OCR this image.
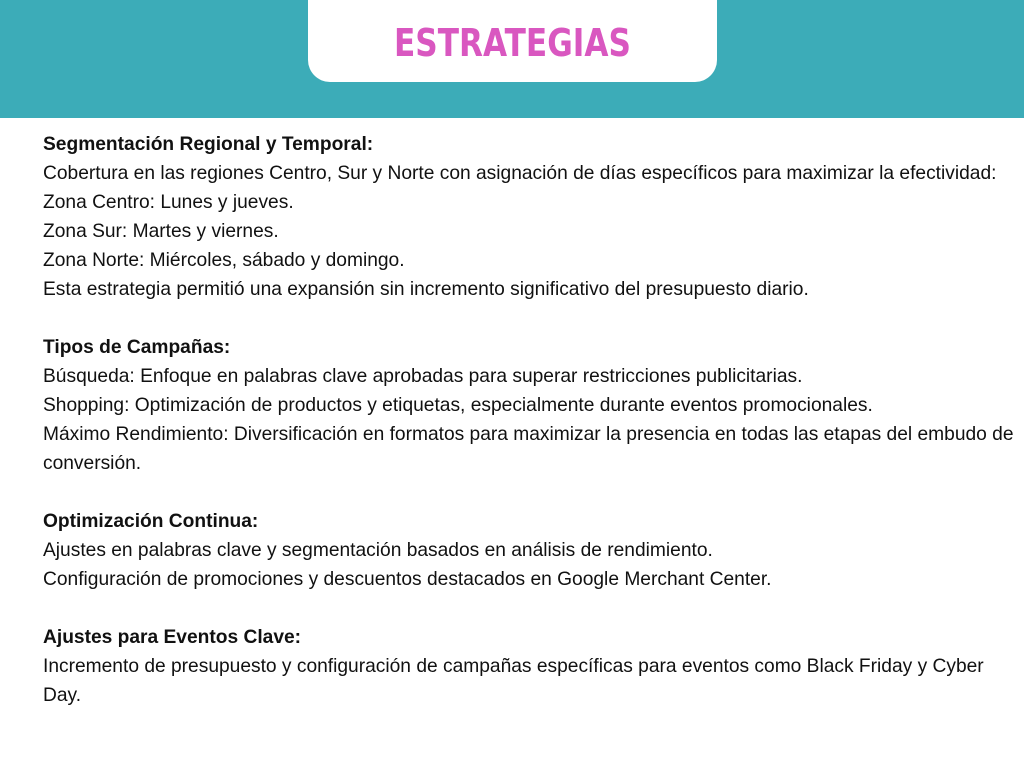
ESTRATEGIAS
Segmentación Regional y Temporal:
Cobertura en las regiones Centro, Sur y Norte con asignación de días específicos para maximizar la efectividad:
Zona Centro: Lunes y jueves.
Zona Sur: Martes y viernes.
Zona Norte: Miércoles, sábado y domingo.
Esta estrategia permitió una expansión sin incremento significativo del presupuesto diario.
Tipos de Campañas:
Búsqueda: Enfoque en palabras clave aprobadas para superar restricciones publicitarias.
Shopping: Optimización de productos y etiquetas, especialmente durante eventos promocionales.
Máximo Rendimiento: Diversificación en formatos para maximizar la presencia en todas las etapas del embudo de conversión.
Optimización Continua:
Ajustes en palabras clave y segmentación basados en análisis de rendimiento.
Configuración de promociones y descuentos destacados en Google Merchant Center.
Ajustes para Eventos Clave:
Incremento de presupuesto y configuración de campañas específicas para eventos como Black Friday y Cyber Day.
